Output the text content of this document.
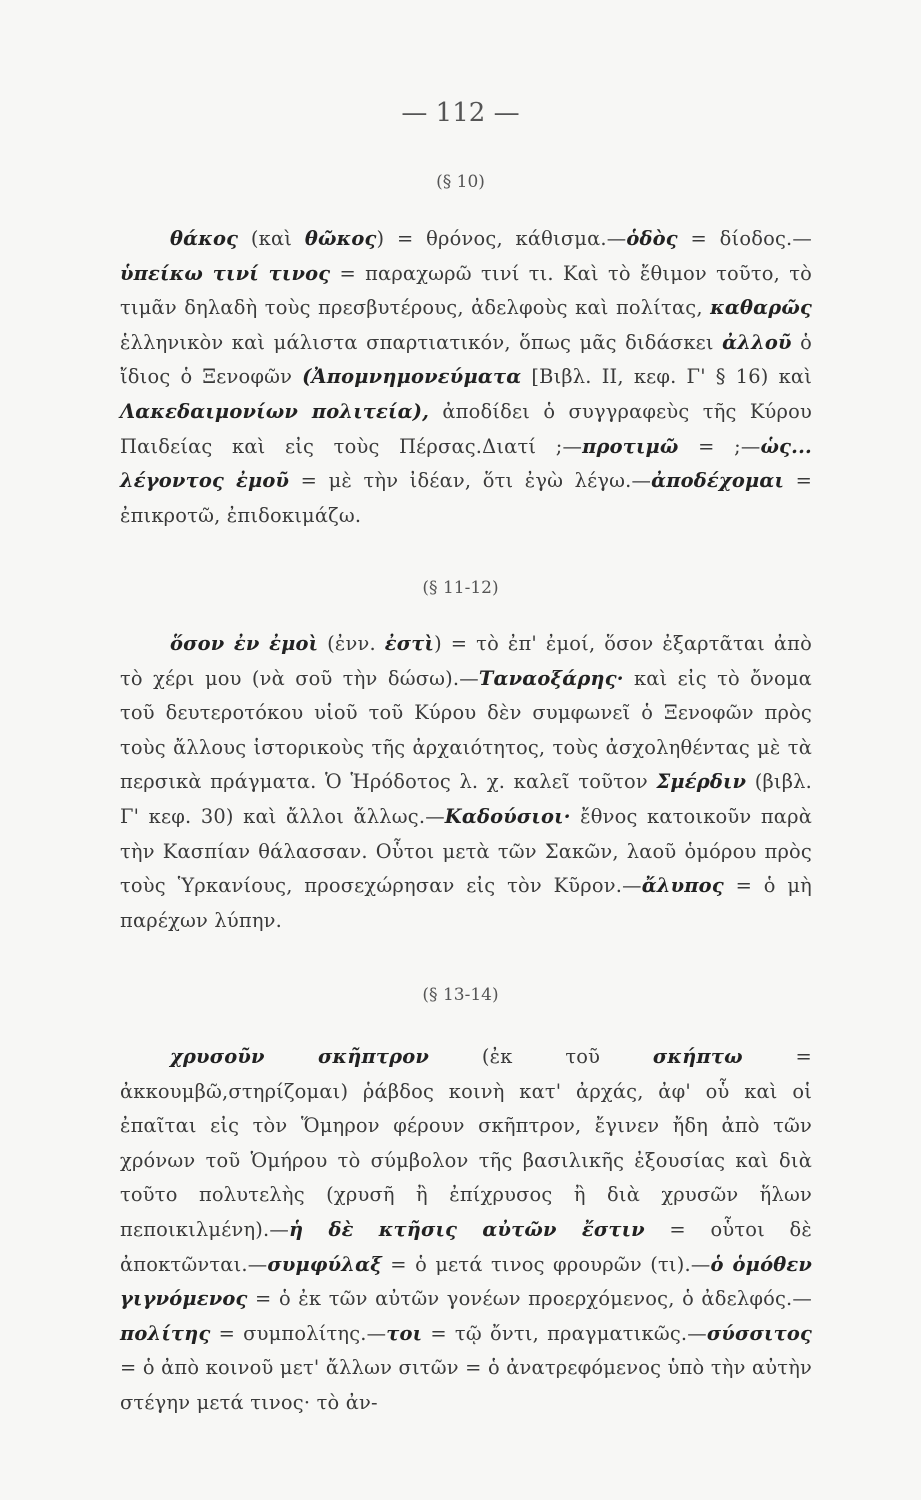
— 112 —
(§ 10)
θάκος (καὶ θῶκος) = θρόνος, κάθισμα.—ὁδὸς = δίοδος.—ὑπείκω τινί τινος = παραχωρῶ τινί τι. Καὶ τὸ ἔθιμον τοῦτο, τὸ τιμᾶν δηλαδὴ τοὺς πρεσβυτέρους, ἀδελφοὺς καὶ πολίτας, καθαρῶς ἑλληνικὸν καὶ μάλιστα σπαρτιατικόν, ὅπως μᾶς διδάσκει ἀλλοῦ ὁ ἴδιος ὁ Ξενοφῶν (Ἀπομνημονεύματα [Βιβλ. ΙΙ, κεφ. Γ' § 16) καὶ Λακεδαιμονίων πολιτεία), ἀποδίδει ὁ συγγραφεὺς τῆς Κύρου Παιδείας καὶ εἰς τοὺς Πέρσας.Διατί ;—προτιμῶ = ;—ὡς... λέγοντος ἐμοῦ = μὲ τὴν ἰδέαν, ὅτι ἐγὼ λέγω.—ἀποδέχομαι = ἐπικροτῶ, ἐπιδοκιμάζω.
(§ 11-12)
ὅσον ἐν ἐμοὶ (ἐνν. ἐστὶ) = τὸ ἐπ' ἐμοί, ὅσον ἐξαρτᾶται ἀπὸ τὸ χέρι μου (νὰ σοῦ τὴν δώσω).—Ταναοξάρης· καὶ εἰς τὸ ὄνομα τοῦ δευτεροτόκου υἱοῦ τοῦ Κύρου δὲν συμφωνεῖ ὁ Ξενοφῶν πρὸς τοὺς ἄλλους ἱστορικοὺς τῆς ἀρχαιότητος, τοὺς ἀσχοληθέντας μὲ τὰ περσικὰ πράγματα. Ὁ Ἡρόδοτος λ. χ. καλεῖ τοῦτον Σμέρδιν (βιβλ. Γ' κεφ. 30) καὶ ἄλλοι ἄλλως.—Καδούσιοι· ἔθνος κατοικοῦν παρὰ τὴν Κασπίαν θάλασσαν. Οὗτοι μετὰ τῶν Σακῶν, λαοῦ ὁμόρου πρὸς τοὺς Ὑρκανίους, προσεχώρησαν εἰς τὸν Κῦρον.—ἄλυπος = ὁ μὴ παρέχων λύπην.
(§ 13-14)
χρυσοῦν σκῆπτρον (ἐκ τοῦ σκήπτω = ἀκκουμβῶ,στηρίζομαι) ῥάβδος κοινὴ κατ' ἀρχάς, ἀφ' οὗ καὶ οἱ ἐπαῖται εἰς τὸν Ὅμηρον φέρουν σκῆπτρον, ἔγινεν ἤδη ἀπὸ τῶν χρόνων τοῦ Ὁμήρου τὸ σύμβολον τῆς βασιλικῆς ἐξουσίας καὶ διὰ τοῦτο πολυτελὴς (χρυσῆ ἢ ἐπίχρυσος ἢ διὰ χρυσῶν ἥλων πεποικιλμένη).—ἡ δὲ κτῆσις αὐτῶν ἔστιν = οὗτοι δὲ ἀποκτῶνται.—συμφύλαξ = ὁ μετά τινος φρουρῶν (τι).—ὁ ὁμόθεν γιγνόμενος = ὁ ἐκ τῶν αὐτῶν γονέων προερχόμενος, ὁ ἀδελφός.—πολίτης = συμπολίτης.—τοι = τῷ ὄντι, πραγματικῶς.—σύσσιτος = ὁ ἀπὸ κοινοῦ μετ' ἄλλων σιτῶν = ὁ ἀνατρεφόμενος ὑπὸ τὴν αὐτὴν στέγην μετά τινος· τὸ ἀν-
